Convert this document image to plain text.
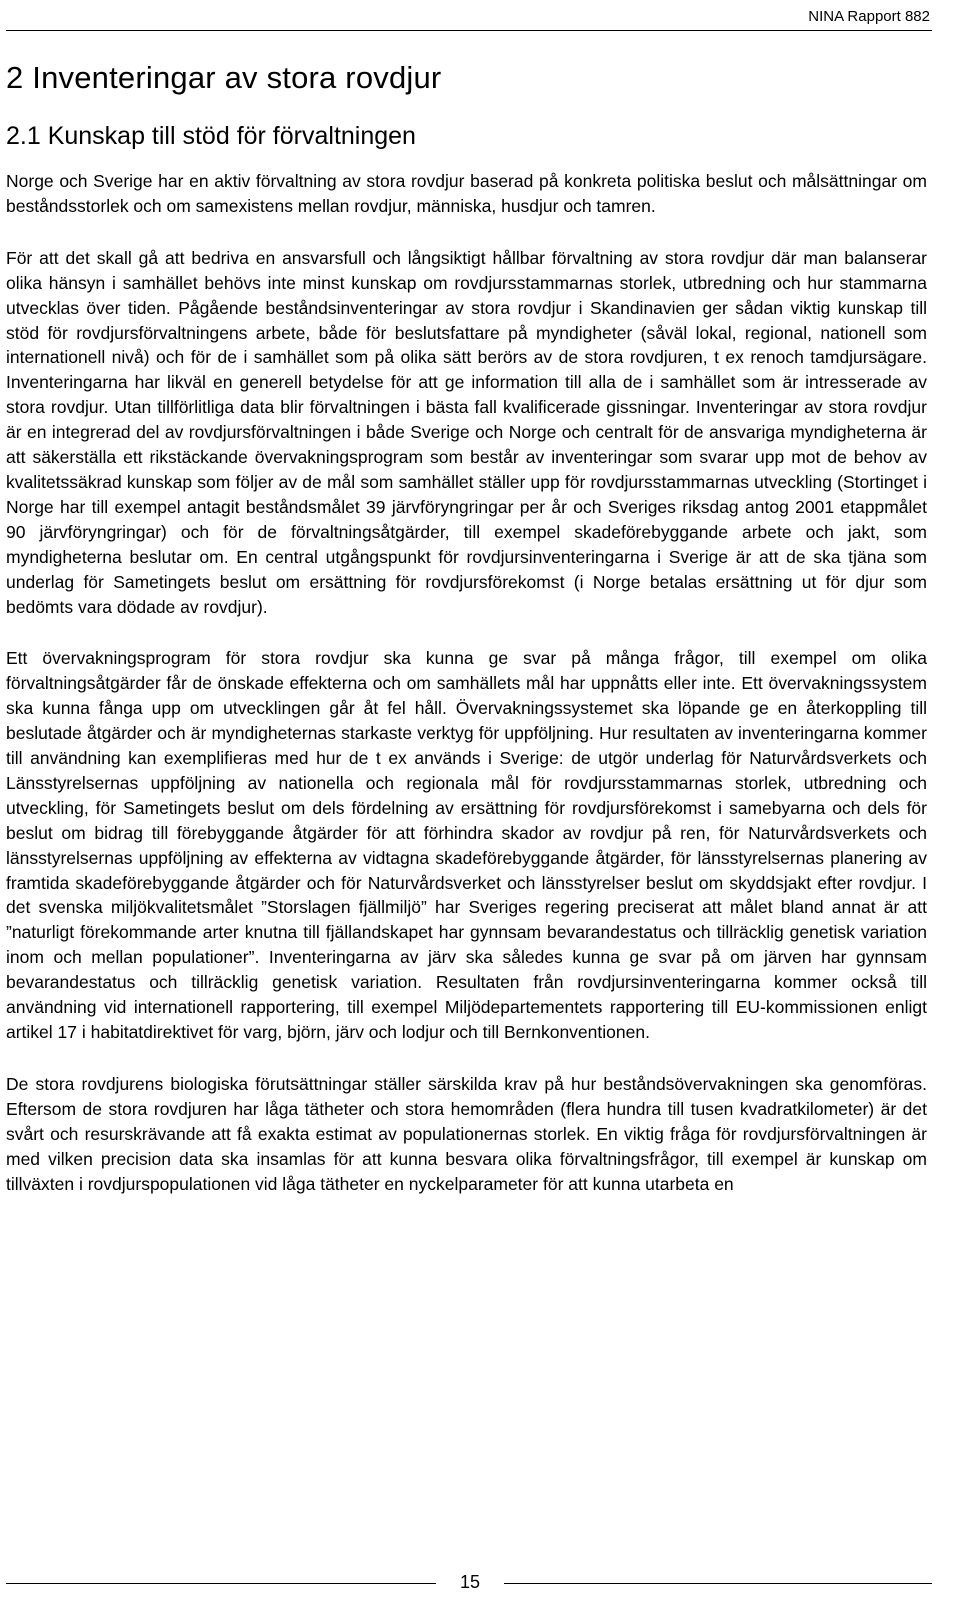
NINA Rapport 882
2 Inventeringar av stora rovdjur
2.1 Kunskap till stöd för förvaltningen

Norge och Sverige har en aktiv förvaltning av stora rovdjur baserad på konkreta politiska beslut och målsättningar om beståndsstorlek och om samexistens mellan rovdjur, människa, husdjur och tamren.

För att det skall gå att bedriva en ansvarsfull och långsiktigt hållbar förvaltning av stora rovdjur där man balanserar olika hänsyn i samhället behövs inte minst kunskap om rovdjursstammarnas storlek, utbredning och hur stammarna utvecklas över tiden. Pågående beståndsinventeringar av stora rovdjur i Skandinavien ger sådan viktig kunskap till stöd för rovdjursförvaltningens arbete, både för beslutsfattare på myndigheter (såväl lokal, regional, nationell som internationell nivå) och för de i samhället som på olika sätt berörs av de stora rovdjuren, t ex renoch tamdjursägare. Inventeringarna har likväl en generell betydelse för att ge information till alla de i samhället som är intresserade av stora rovdjur. Utan tillförlitliga data blir förvaltningen i bästa fall kvalificerade gissningar. Inventeringar av stora rovdjur är en integrerad del av rovdjursförvaltningen i både Sverige och Norge och centralt för de ansvariga myndigheterna är att säkerställa ett rikstäckande övervakningsprogram som består av inventeringar som svarar upp mot de behov av kvalitetssäkrad kunskap som följer av de mål som samhället ställer upp för rovdjursstammarnas utveckling (Stortinget i Norge har till exempel antagit beståndsmålet 39 järvföryngringar per år och Sveriges riksdag antog 2001 etappmålet 90 järvföryngringar) och för de förvaltningsåtgärder, till exempel skadeförebyggande arbete och jakt, som myndigheterna beslutar om. En central utgångspunkt för rovdjursinventeringarna i Sverige är att de ska tjäna som underlag för Sametingets beslut om ersättning för rovdjursförekomst (i Norge betalas ersättning ut för djur som bedömts vara dödade av rovdjur).

Ett övervakningsprogram för stora rovdjur ska kunna ge svar på många frågor, till exempel om olika förvaltningsåtgärder får de önskade effekterna och om samhällets mål har uppnåtts eller inte. Ett övervakningssystem ska kunna fånga upp om utvecklingen går åt fel håll. Övervakningssystemet ska löpande ge en återkoppling till beslutade åtgärder och är myndigheternas starkaste verktyg för uppföljning. Hur resultaten av inventeringarna kommer till användning kan exemplifieras med hur de t ex används i Sverige: de utgör underlag för Naturvårdsverkets och Länsstyrelsernas uppföljning av nationella och regionala mål för rovdjursstammarnas storlek, utbredning och utveckling, för Sametingets beslut om dels fördelning av ersättning för rovdjursförekomst i samebyarna och dels för beslut om bidrag till förebyggande åtgärder för att förhindra skador av rovdjur på ren, för Naturvårdsverkets och länsstyrelsernas uppföljning av effekterna av vidtagna skadeförebyggande åtgärder, för länsstyrelsernas planering av framtida skadeförebyggande åtgärder och för Naturvårdsverket och länsstyrelser beslut om skyddsjakt efter rovdjur. I det svenska miljökvalitetsmålet ”Storslagen fjällmiljö” har Sveriges regering preciserat att målet bland annat är att ”naturligt förekommande arter knutna till fjällandskapet har gynnsam bevarandestatus och tillräcklig genetisk variation inom och mellan populationer”. Inventeringarna av järv ska således kunna ge svar på om järven har gynnsam bevarandestatus och tillräcklig genetisk variation. Resultaten från rovdjursinventeringarna kommer också till användning vid internationell rapportering, till exempel Miljödepartementets rapportering till EU-kommissionen enligt artikel 17 i habitatdirektivet för varg, björn, järv och lodjur och till Bernkonventionen.

De stora rovdjurens biologiska förutsättningar ställer särskilda krav på hur beståndsövervakningen ska genomföras. Eftersom de stora rovdjuren har låga tätheter och stora hemområden (flera hundra till tusen kvadratkilometer) är det svårt och resurskrävande att få exakta estimat av populationernas storlek. En viktig fråga för rovdjursförvaltningen är med vilken precision data ska insamlas för att kunna besvara olika förvaltningsfrågor, till exempel är kunskap om tillväxten i rovdjurspopulationen vid låga tätheter en nyckelparameter för att kunna utarbeta en

15
